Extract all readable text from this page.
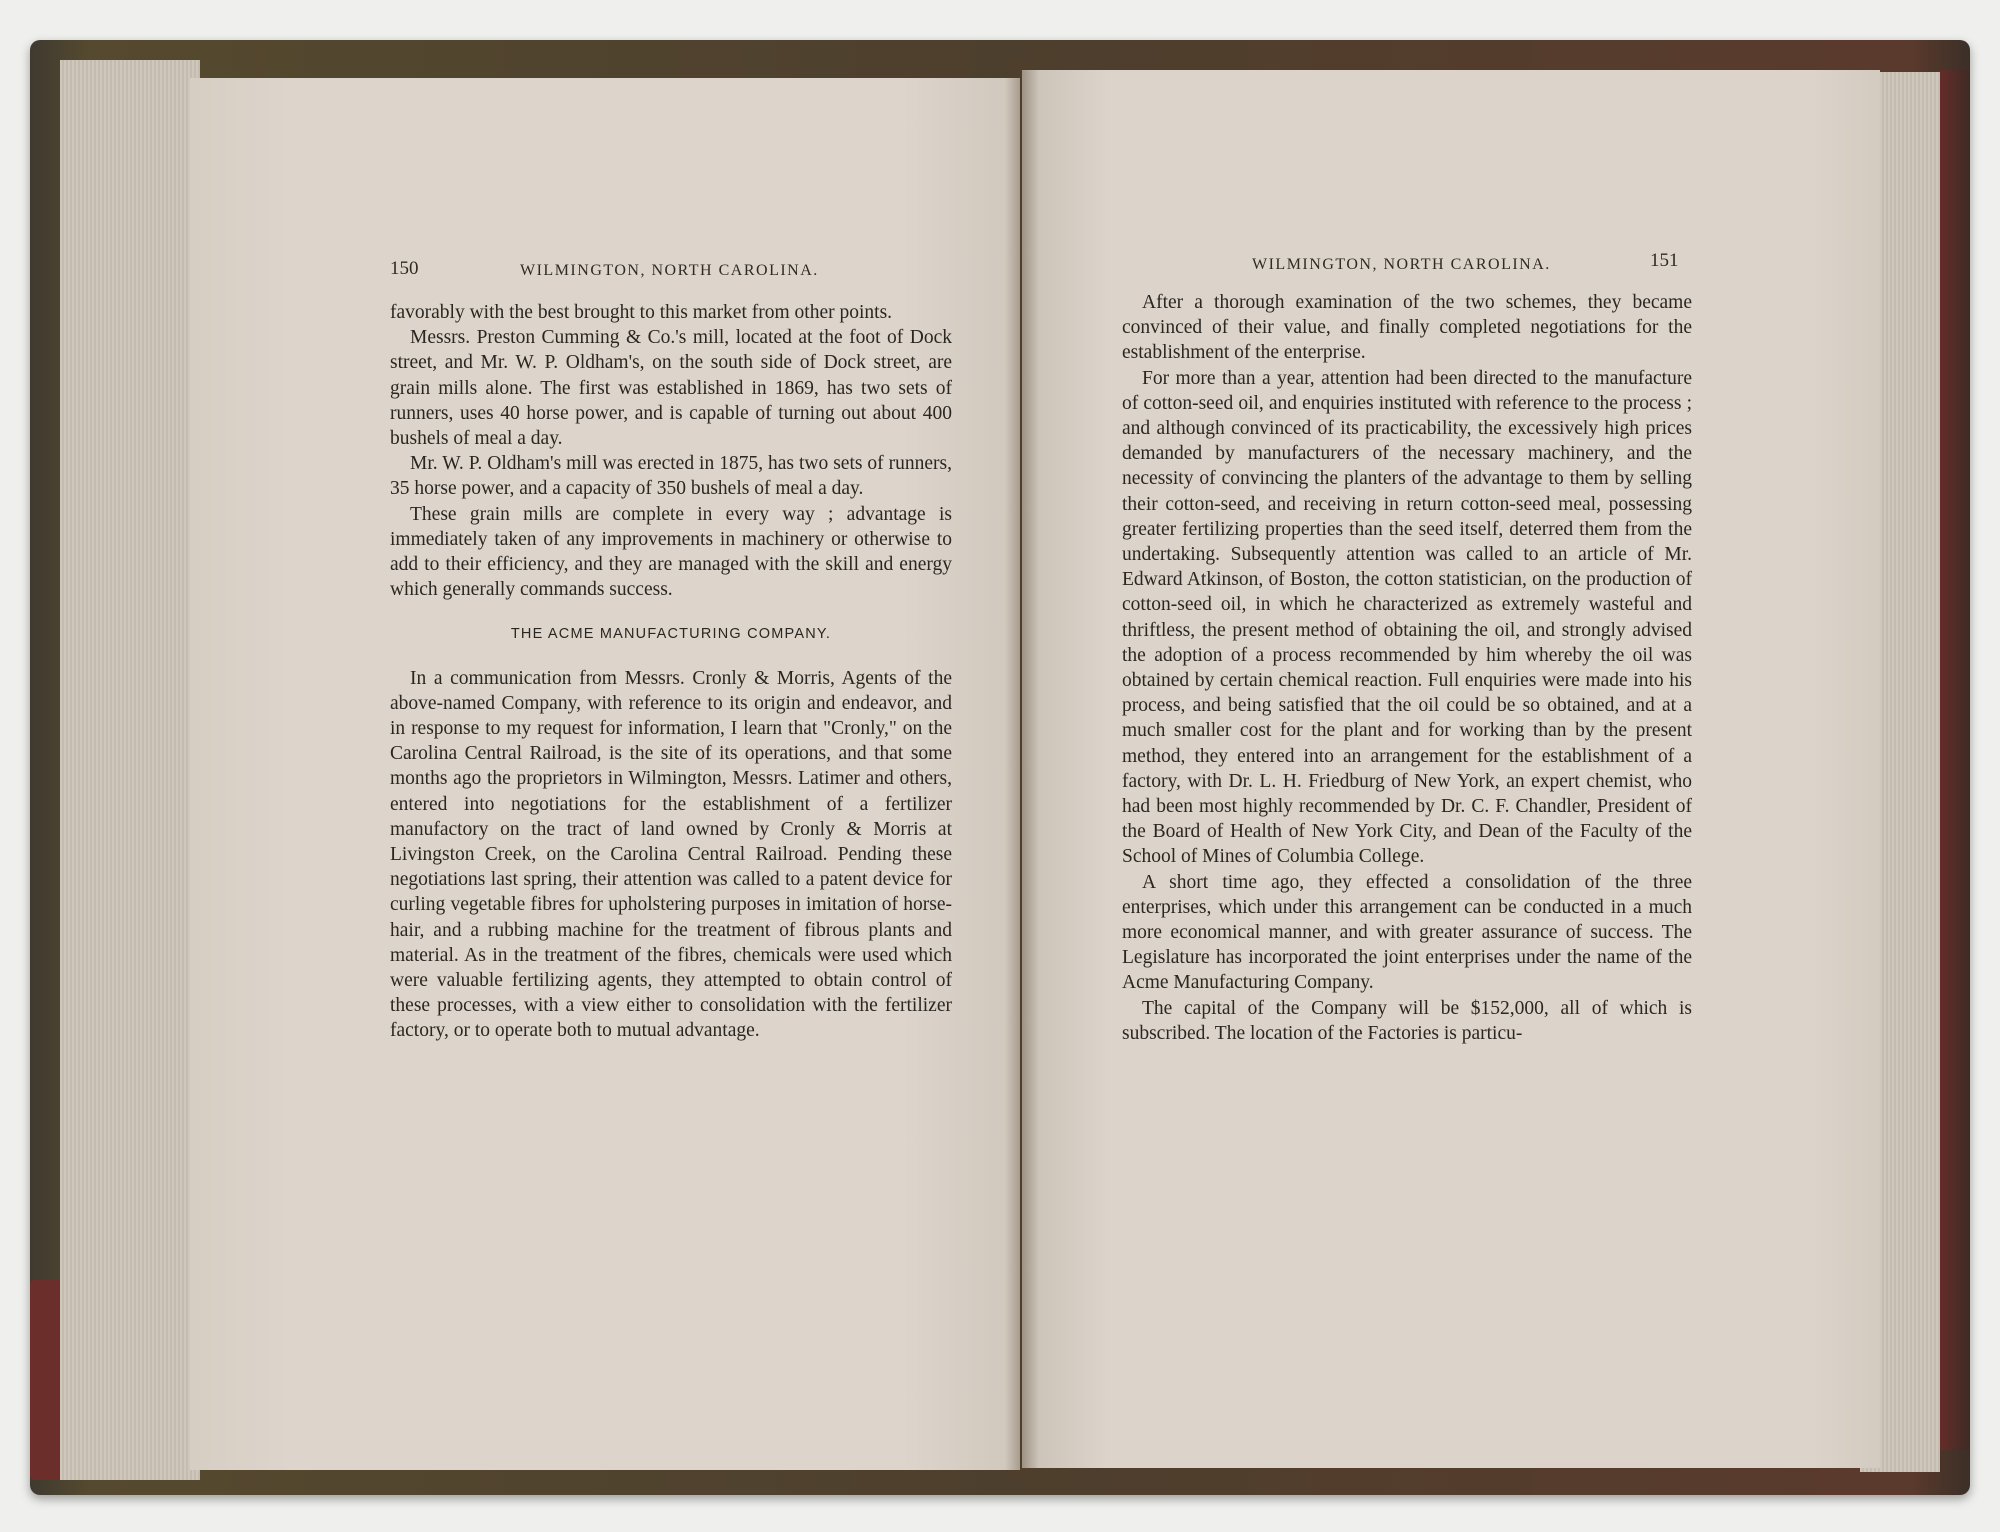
150	WILMINGTON, NORTH CAROLINA.

favorably with the best brought to this market from other points.

Messrs. Preston Cumming & Co.'s mill, located at the foot of Dock street, and Mr. W. P. Oldham's, on the south side of Dock street, are grain mills alone. The first was established in 1869, has two sets of runners, uses 40 horse power, and is capable of turning out about 400 bushels of meal a day.

Mr. W. P. Oldham's mill was erected in 1875, has two sets of runners, 35 horse power, and a capacity of 350 bushels of meal a day.

These grain mills are complete in every way ; advantage is immediately taken of any improvements in machinery or otherwise to add to their efficiency, and they are managed with the skill and energy which generally commands success.

THE ACME MANUFACTURING COMPANY.

In a communication from Messrs. Cronly & Morris, Agents of the above-named Company, with reference to its origin and endeavor, and in response to my request for information, I learn that "Cronly," on the Carolina Central Railroad, is the site of its operations, and that some months ago the proprietors in Wilmington, Messrs. Latimer and others, entered into negotiations for the establishment of a fertilizer manufactory on the tract of land owned by Cronly & Morris at Livingston Creek, on the Carolina Central Railroad. Pending these negotiations last spring, their attention was called to a patent device for curling vegetable fibres for upholstering purposes in imitation of horse-hair, and a rubbing machine for the treatment of fibrous plants and material. As in the treatment of the fibres, chemicals were used which were valuable fertilizing agents, they attempted to obtain control of these processes, with a view either to consolidation with the fertilizer factory, or to operate both to mutual advantage.

WILMINGTON, NORTH CAROLINA.	151

After a thorough examination of the two schemes, they became convinced of their value, and finally completed negotiations for the establishment of the enterprise.

For more than a year, attention had been directed to the manufacture of cotton-seed oil, and enquiries instituted with reference to the process ; and although convinced of its practicability, the excessively high prices demanded by manufacturers of the necessary machinery, and the necessity of convincing the planters of the advantage to them by selling their cotton-seed, and receiving in return cotton-seed meal, possessing greater fertilizing properties than the seed itself, deterred them from the undertaking. Subsequently attention was called to an article of Mr. Edward Atkinson, of Boston, the cotton statistician, on the production of cotton-seed oil, in which he characterized as extremely wasteful and thriftless, the present method of obtaining the oil, and strongly advised the adoption of a process recommended by him whereby the oil was obtained by certain chemical reaction. Full enquiries were made into his process, and being satisfied that the oil could be so obtained, and at a much smaller cost for the plant and for working than by the present method, they entered into an arrangement for the establishment of a factory, with Dr. L. H. Friedburg of New York, an expert chemist, who had been most highly recommended by Dr. C. F. Chandler, President of the Board of Health of New York City, and Dean of the Faculty of the School of Mines of Columbia College.

A short time ago, they effected a consolidation of the three enterprises, which under this arrangement can be conducted in a much more economical manner, and with greater assurance of success. The Legislature has incorporated the joint enterprises under the name of the Acme Manufacturing Company.

The capital of the Company will be $152,000, all of which is subscribed. The location of the Factories is particu-
